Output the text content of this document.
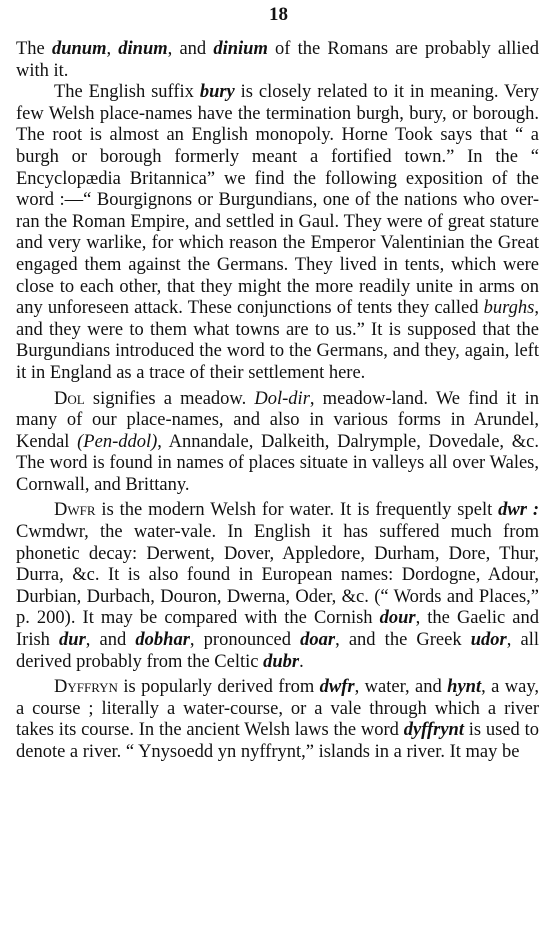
18

The dunum, dinum, and dinium of the Romans are probably allied with it.

The English suffix bury is closely related to it in meaning. Very few Welsh place-names have the termination burgh, bury, or borough. The root is almost an English monopoly. Horne Took says that “ a burgh or borough formerly meant a fortified town.” In the “ Encyclopædia Britannica” we find the following exposition of the word :—“ Bourgignons or Burgundians, one of the nations who over-ran the Roman Empire, and settled in Gaul. They were of great stature and very warlike, for which reason the Emperor Valentinian the Great engaged them against the Germans. They lived in tents, which were close to each other, that they might the more readily unite in arms on any unforeseen attack. These conjunctions of tents they called burghs, and they were to them what towns are to us.” It is supposed that the Burgundians introduced the word to the Germans, and they, again, left it in England as a trace of their settlement here.

Dol signifies a meadow. Dol-dir, meadow-land. We find it in many of our place-names, and also in various forms in Arundel, Kendal (Pen-ddol), Annandale, Dalkeith, Dalrymple, Dovedale, &c. The word is found in names of places situate in valleys all over Wales, Cornwall, and Brittany.

Dwfr is the modern Welsh for water. It is frequently spelt dwr : Cwmdwr, the water-vale. In English it has suffered much from phonetic decay: Derwent, Dover, Appledore, Durham, Dore, Thur, Durra, &c. It is also found in European names: Dordogne, Adour, Durbian, Durbach, Douron, Dwerna, Oder, &c. (“ Words and Places,” p. 200). It may be compared with the Cornish dour, the Gaelic and Irish dur, and dobhar, pronounced doar, and the Greek udor, all derived probably from the Celtic dubr.

Dyffryn is popularly derived from dwfr, water, and hynt, a way, a course ; literally a water-course, or a vale through which a river takes its course. In the ancient Welsh laws the word dyffrynt is used to denote a river. “ Ynysoedd yn nyffrynt,” islands in a river. It may be
